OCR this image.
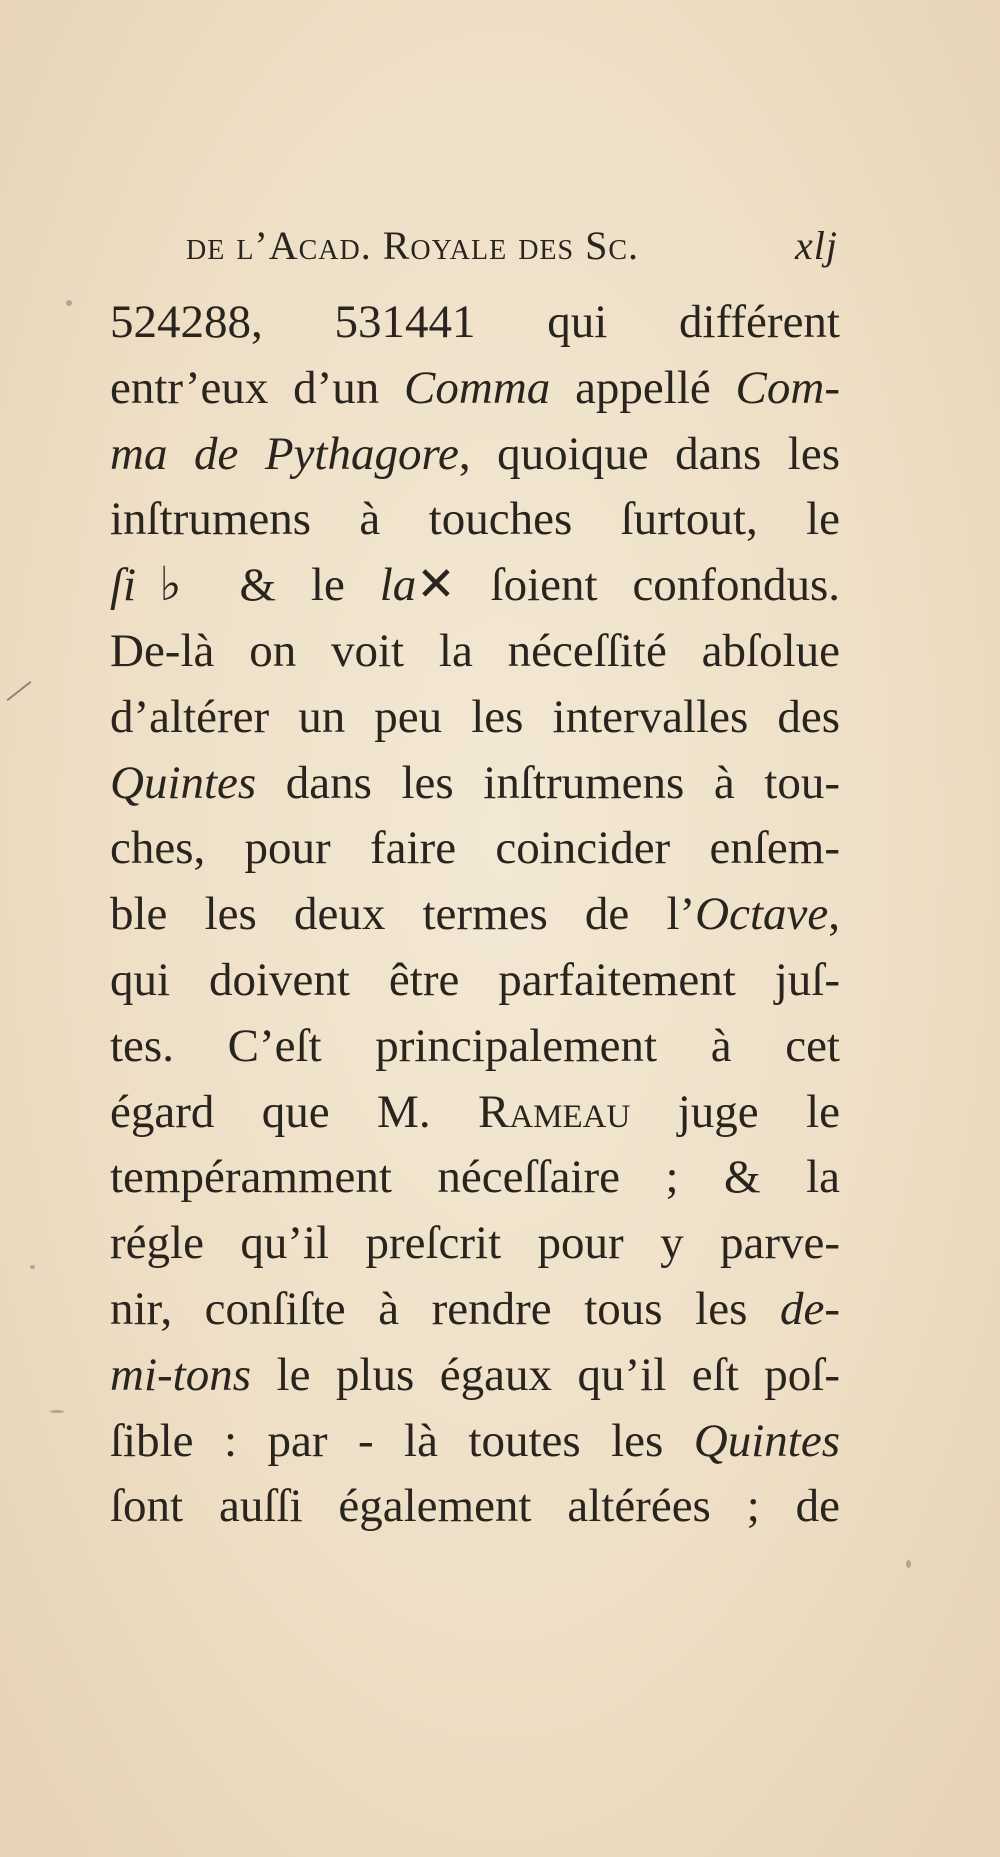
de l’Acad. Royale des Sc.	xlj
524288, 531441 qui différent
entr’eux d’un Comma appellé Com-
ma de Pythagore, quoique dans les
inſtrumens à touches ſurtout, le
ſi♭ & le la✕ ſoient confondus.
De-là on voit la néceſſité abſolue
d’altérer un peu les intervalles des
Quintes dans les inſtrumens à tou-
ches, pour faire coincider enſem-
ble les deux termes de l’Octave,
qui doivent être parfaitement juſ-
tes. C’eſt principalement à cet
égard que M. Rameau juge le
tempéramment néceſſaire ; & la
régle qu’il preſcrit pour y parve-
nir, conſiſte à rendre tous les de-
mi-tons le plus égaux qu’il eſt poſ-
ſible : par - là toutes les Quintes
ſont auſſi également altérées ; de
